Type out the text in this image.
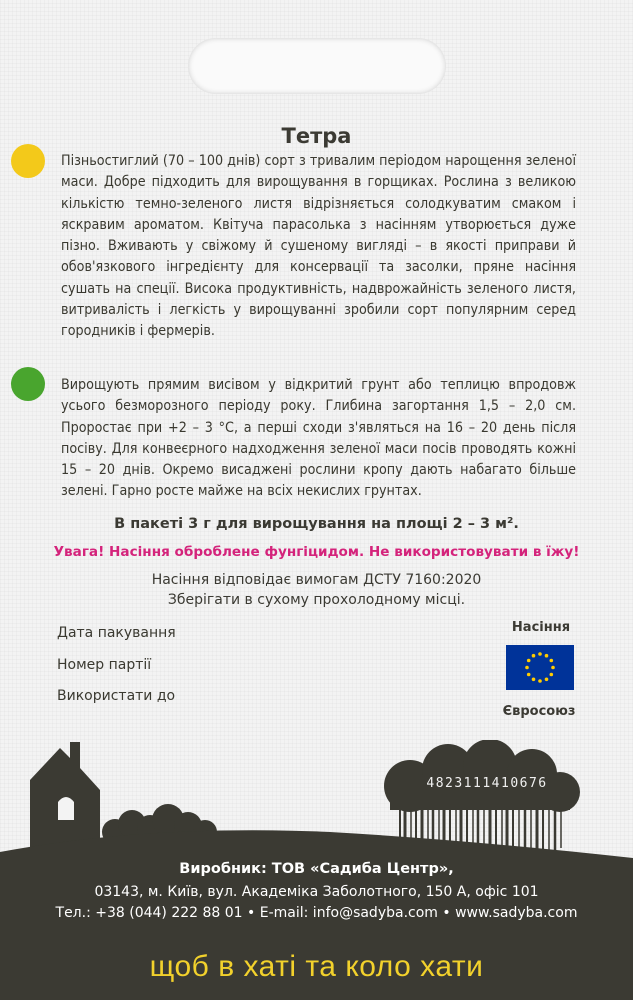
Тетра

Пізньостиглий (70 – 100 днів) сорт з тривалим періодом нарощення зеленої маси. Добре підходить для вирощування в горщиках. Рослина з великою кількістю темно-зеленого листя відрізняється солодкуватим смаком і яскравим ароматом. Квітуча парасолька з насінням утворюється дуже пізно. Вживають у свіжому й сушеному вигляді – в якості приправи й обов'язкового інгредієнту для консервації та засолки, пряне насіння сушать на спеції. Висока продуктивність, надврожайність зеленого листя, витривалість і легкість у вирощуванні зробили сорт популярним серед городників і фермерів.

Вирощують прямим висівом у відкритий грунт або теплицю впродовж усього безморозного періоду року. Глибина загортання 1,5 – 2,0 см. Проростає при +2 – 3 °С, а перші сходи з'являться на 16 – 20 день після посіву. Для конвеєрного надходження зеленої маси посів проводять кожні 15 – 20 днів. Окремо висаджені рослини кропу дають набагато більше зелені. Гарно росте майже на всіх некислих грунтах.

В пакеті 3 г для вирощування на площі 2 – 3 м².
Увага! Насіння оброблене фунгіцидом. Не використовувати в їжу!
Насіння відповідає вимогам ДСТУ 7160:2020
Зберігати в сухому прохолодному місці.
Дата пакування
Номер партії
Використати до
Насіння
Євросоюз
4823111410676
Виробник: ТОВ «Садиба Центр»,
03143, м. Київ, вул. Академіка Заболотного, 150 А, офіс 101
Тел.: +38 (044) 222 88 01 • E-mail: info@sadyba.com • www.sadyba.com
щоб в хаті та коло хати
